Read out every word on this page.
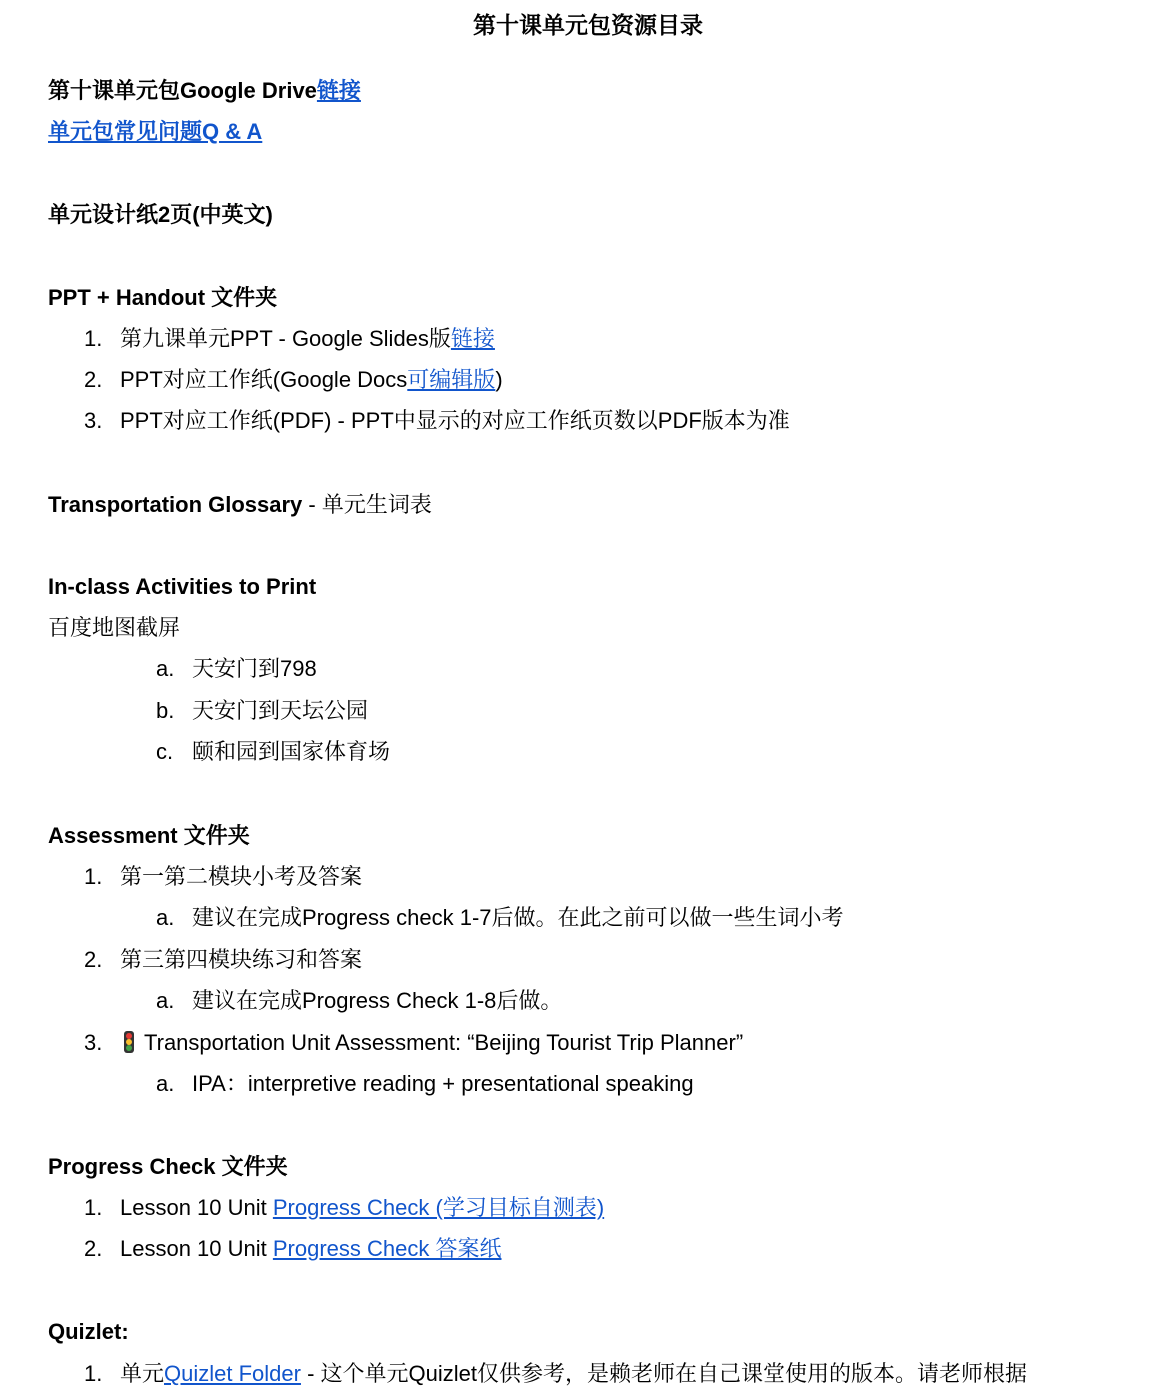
第十课单元包资源目录
第十课单元包Google Drive链接
单元包常见问题Q & A
单元设计纸2页(中英文)
PPT + Handout 文件夹
1. 第九课单元PPT - Google Slides版链接
2. PPT对应工作纸(Google Docs可编辑版)
3. PPT对应工作纸(PDF) - PPT中显示的对应工作纸页数以PDF版本为准
Transportation Glossary - 单元生词表
In-class Activities to Print
百度地图截屏
a. 天安门到798
b. 天安门到天坛公园
c. 颐和园到国家体育场
Assessment 文件夹
1. 第一第二模块小考及答案
a. 建议在完成Progress check 1-7后做。在此之前可以做一些生词小考
2. 第三第四模块练习和答案
a. 建议在完成Progress Check 1-8后做。
3.	Transportation Unit Assessment: “Beijing Tourist Trip Planner”
a. IPA：interpretive reading + presentational speaking
Progress Check 文件夹
1. Lesson 10 Unit Progress Check (学习目标自测表)
2. Lesson 10 Unit Progress Check 答案纸
Quizlet:
1. 单元Quizlet Folder - 这个单元Quizlet仅供参考，是赖老师在自己课堂使用的版本。请老师根据
